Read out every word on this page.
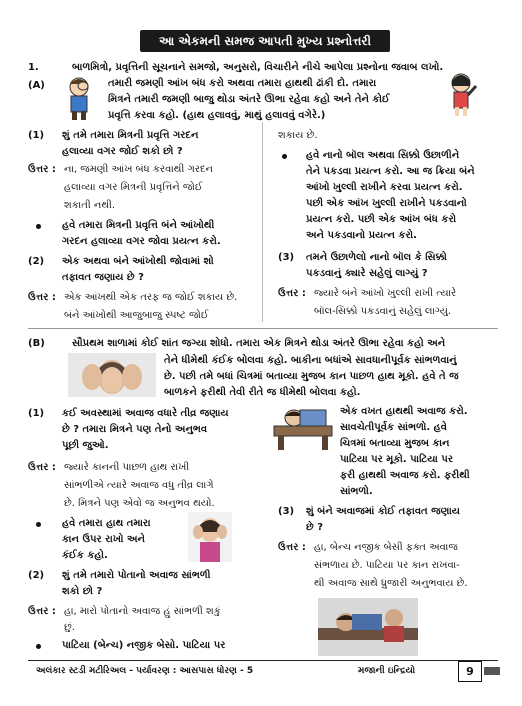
આ એકમની સમજ આપતી મુખ્ય પ્રશ્નોત્તરી
1.	બાળમિત્રો, પ્રવૃત્તિની સૂચનાને સમજો, અનુસરો, વિચારીને નીચે આપેલા પ્રશ્નોના જવાબ લખો.
(A)	તમારી જમણી આંખ બંધ કરો અથવા તમારા હાથથી ઢાંકી દો. તમારા
મિત્રને તમારી જમણી બાજુ થોડા અંતરે ઊભા રહેવા કહો અને તેને કોઈ
પ્રવૃત્તિ કરવા કહો. (હાથ હલાવવું, માથું હલાવવું વગેરે.)
(1) શું તમે તમારા મિત્રની પ્રવૃત્તિ ગરદન
હલાવ્યા વગર જોઈ શકો છો ?
ઉત્તર : ના, જમણી આંખ બંધ કરવાથી ગરદન
હલાવ્યા વગર મિત્રની પ્રવૃત્તિને જોઈ
શકાતી નથી.
હવે તમારા મિત્રની પ્રવૃત્તિ બંને આંખોથી
ગરદન હલાવ્યા વગર જોવા પ્રયત્ન કરો.
(2) એક અથવા બંને આંખોથી જોવામાં શો
તફાવત જણાય છે ?
ઉત્તર : એક આંખથી એક તરફ જ જોઈ શકાય છે.
બંને આંખોથી આજુબાજુ સ્પષ્ટ જોઈ
શકાય છે.
હવે નાનો બૉલ અથવા સિક્કો ઉછાળીને
તેને પકડવા પ્રયત્ન કરો. આ જ ક્રિયા બંને
આંખો ખુલ્લી રાખીને કરવા પ્રયત્ન કરો.
પછી એક આંખ ખુલ્લી રાખીને પકડવાનો
પ્રયત્ન કરો. પછી એક આંખ બંધ કરો
અને પકડવાનો પ્રયત્ન કરો.
(3) તમને ઉછાળેલો નાનો બૉલ કે સિક્કો
પકડવાનું ક્યારે સહેલું લાગ્યું ?
ઉત્તર : જ્યારે બંને આંખો ખુલ્લી રાખી ત્યારે
બૉલ-સિક્કો પકડવાનું સહેલું લાગ્યું.
(B)	સૌપ્રથમ શાળામાં કોઈ શાંત જગ્યા શોધો. તમારા એક મિત્રને થોડા અંતરે ઊભા રહેવા કહો અને
તેને ધીમેથી કંઈક બોલવા કહો. બાકીના બધાંએ સાવધાનીપૂર્વક સાંભળવાનું
છે. પછી તમે બધાં ચિત્રમાં બતાવ્યા મુજબ કાન પાછળ હાથ મૂકો. હવે તે જ
બાળકને ફરીથી તેવી રીતે જ ધીમેથી બોલવા કહો.
(1) કઈ અવસ્થામાં અવાજ વધારે તીવ્ર જણાય
છે ? તમારા મિત્રને પણ તેનો અનુભવ
પૂછી જુઓ.
ઉત્તર : જ્યારે કાનની પાછળ હાથ રાખી
સાંભળીએ ત્યારે અવાજ વધુ તીવ્ર લાગે
છે. મિત્રને પણ એવો જ અનુભવ થયો.
હવે તમારા હાથ તમારા
કાન ઉપર રાખો અને
કંઈક કહો.
(2) શું તમે તમારો પોતાનો અવાજ સાંભળી
શકો છો ?
ઉત્તર : હા, મારો પોતાનો અવાજ હું સાંભળી શકું
છું.
પાટિયા (બેન્ચ) નજીક બેસો. પાટિયા પર
એક વખત હાથથી અવાજ કરો.
સાવચેતીપૂર્વક સાંભળો. હવે
ચિત્રમાં બતાવ્યા મુજબ કાન
પાટિયા પર મૂકો. પાટિયા પર
ફરી હાથથી અવાજ કરો. ફરીથી
સાંભળો.
(3) શું બંને અવાજમાં કોઈ તફાવત જણાય
છે ?
ઉત્તર : હા, બેન્ચ નજીક બેસી ફક્ત અવાજ
સંભળાય છે. પાટિયા પર કાન રાખવા-
થી અવાજ સાથે ધ્રુજારી અનુભવાય છે.
અલંકાર સ્ટડી મટીરિઅલ - પર્યાવરણ : આસપાસ ધોરણ - 5	મજાની ઇન્દ્રિયો	9
